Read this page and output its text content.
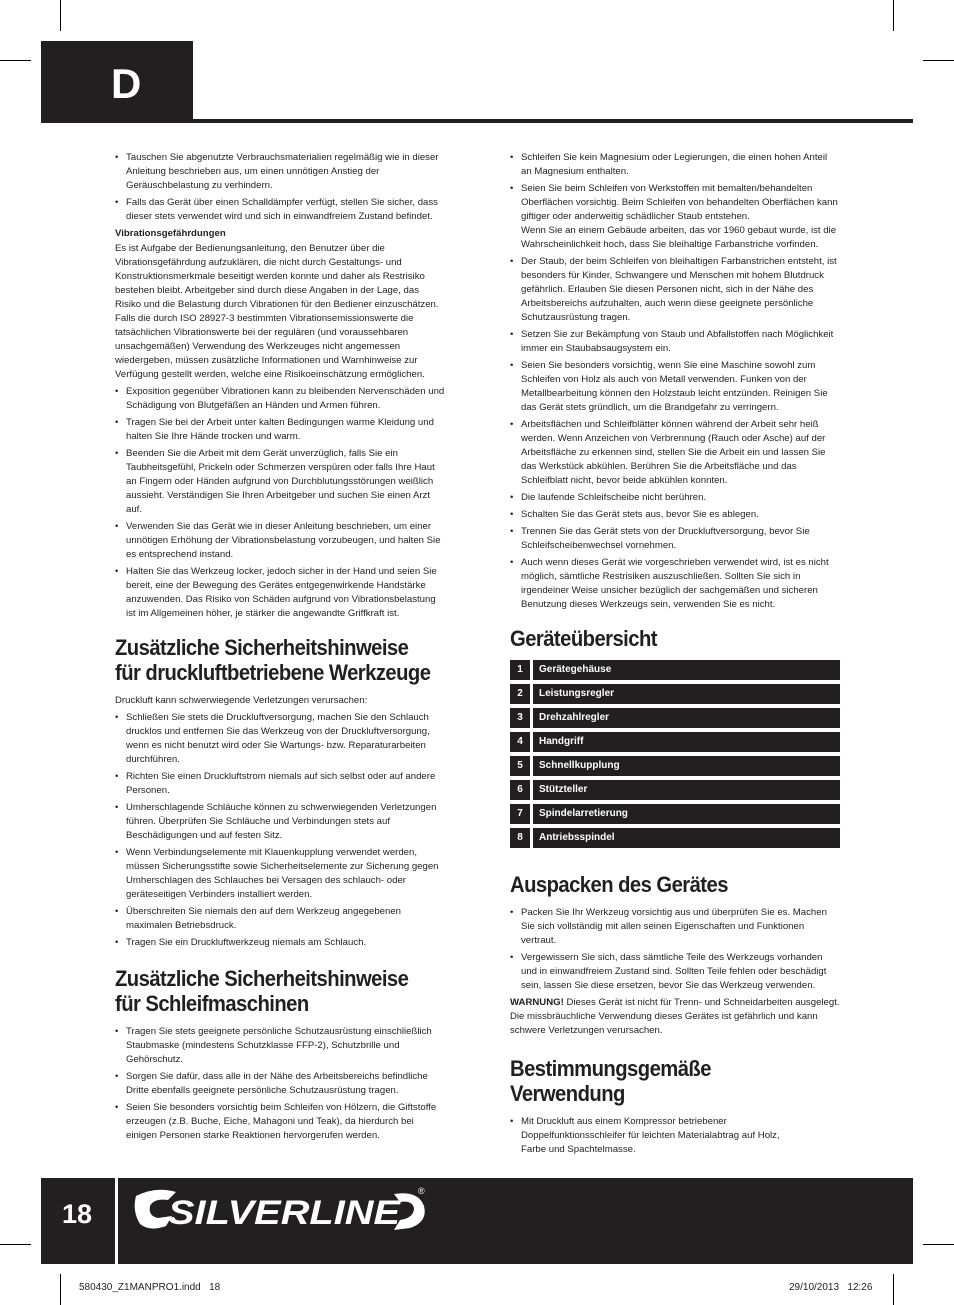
D
• Tauschen Sie abgenutzte Verbrauchsmaterialien regelmäßig wie in dieser Anleitung beschrieben aus, um einen unnötigen Anstieg der Geräuschbelastung zu verhindern.
• Falls das Gerät über einen Schalldämpfer verfügt, stellen Sie sicher, dass dieser stets verwendet wird und sich in einwandfreiem Zustand befindet.
Vibrationsgefährdungen

Es ist Aufgabe der Bedienungsanleitung, den Benutzer über die Vibrationsgefährdung aufzuklären, die nicht durch Gestaltungs- und Konstruktionsmerkmale beseitigt werden konnte und daher als Restrisiko bestehen bleibt. Arbeitgeber sind durch diese Angaben in der Lage, das Risiko und die Belastung durch Vibrationen für den Bediener einzuschätzen. Falls die durch ISO 28927-3 bestimmten Vibrationsemissionswerte die tatsächlichen Vibrationswerte bei der regulären (und voraussehbaren unsachgemäßen) Verwendung des Werkzeuges nicht angemessen wiedergeben, müssen zusätzliche Informationen und Warnhinweise zur Verfügung gestellt werden, welche eine Risikoeinschätzung ermöglichen.

• Exposition gegenüber Vibrationen kann zu bleibenden Nervenschäden und Schädigung von Blutgefäßen an Händen und Armen führen.
• Tragen Sie bei der Arbeit unter kalten Bedingungen warme Kleidung und halten Sie Ihre Hände trocken und warm.
• Beenden Sie die Arbeit mit dem Gerät unverzüglich, falls Sie ein Taubheitsgefühl, Prickeln oder Schmerzen verspüren oder falls Ihre Haut an Fingern oder Händen aufgrund von Durchblutungsstörungen weißlich aussieht. Verständigen Sie Ihren Arbeitgeber und suchen Sie einen Arzt auf.
• Verwenden Sie das Gerät wie in dieser Anleitung beschrieben, um einer unnötigen Erhöhung der Vibrationsbelastung vorzubeugen, und halten Sie es entsprechend instand.
• Halten Sie das Werkzeug locker, jedoch sicher in der Hand und seien Sie bereit, eine der Bewegung des Gerätes entgegenwirkende Handstärke anzuwenden. Das Risiko von Schäden aufgrund von Vibrationsbelastung ist im Allgemeinen höher, je stärker die angewandte Griffkraft ist.
Zusätzliche Sicherheitshinweise
für druckluftbetriebene Werkzeuge

Druckluft kann schwerwiegende Verletzungen verursachen:

• Schließen Sie stets die Druckluftversorgung, machen Sie den Schlauch drucklos und entfernen Sie das Werkzeug von der Druckluftversorgung, wenn es nicht benutzt wird oder Sie Wartungs- bzw. Reparaturarbeiten durchführen.
• Richten Sie einen Druckluftstrom niemals auf sich selbst oder auf andere Personen.
• Umherschlagende Schläuche können zu schwerwiegenden Verletzungen führen. Überprüfen Sie Schläuche und Verbindungen stets auf Beschädigungen und auf festen Sitz.
• Wenn Verbindungselemente mit Klauenkupplung verwendet werden, müssen Sicherungsstifte sowie Sicherheitselemente zur Sicherung gegen Umherschlagen des Schlauches bei Versagen des schlauch- oder geräteseitigen Verbinders installiert werden.
• Überschreiten Sie niemals den auf dem Werkzeug angegebenen maximalen Betriebsdruck.
• Tragen Sie ein Druckluftwerkzeug niemals am Schlauch.
Zusätzliche Sicherheitshinweise
für Schleifmaschinen
• Tragen Sie stets geeignete persönliche Schutzausrüstung einschließlich Staubmaske (mindestens Schutzklasse FFP-2), Schutzbrille und Gehörschutz.
• Sorgen Sie dafür, dass alle in der Nähe des Arbeitsbereichs befindliche Dritte ebenfalls geeignete persönliche Schutzausrüstung tragen.
• Seien Sie besonders vorsichtig beim Schleifen von Hölzern, die Giftstoffe erzeugen (z.B. Buche, Eiche, Mahagoni und Teak), da hierdurch bei einigen Personen starke Reaktionen hervorgerufen werden.
• Schleifen Sie kein Magnesium oder Legierungen, die einen hohen Anteil an Magnesium enthalten.
• Seien Sie beim Schleifen von Werkstoffen mit bemalten/behandelten Oberflächen vorsichtig. Beim Schleifen von behandelten Oberflächen kann giftiger oder anderweitig schädlicher Staub entstehen.
Wenn Sie an einem Gebäude arbeiten, das vor 1960 gebaut wurde, ist die Wahrscheinlichkeit hoch, dass Sie bleihaltige Farbanstriche vorfinden.
• Der Staub, der beim Schleifen von bleihaltigen Farbanstrichen entsteht, ist besonders für Kinder, Schwangere und Menschen mit hohem Blutdruck gefährlich. Erlauben Sie diesen Personen nicht, sich in der Nähe des Arbeitsbereichs aufzuhalten, auch wenn diese geeignete persönliche Schutzausrüstung tragen.
• Setzen Sie zur Bekämpfung von Staub und Abfallstoffen nach Möglichkeit immer ein Staubabsaugsystem ein.
• Seien Sie besonders vorsichtig, wenn Sie eine Maschine sowohl zum Schleifen von Holz als auch von Metall verwenden. Funken von der Metallbearbeitung können den Holzstaub leicht entzünden. Reinigen Sie das Gerät stets gründlich, um die Brandgefahr zu verringern.
• Arbeitsflächen und Schleifblätter können während der Arbeit sehr heiß werden. Wenn Anzeichen von Verbrennung (Rauch oder Asche) auf der Arbeitsfläche zu erkennen sind, stellen Sie die Arbeit ein und lassen Sie das Werkstück abkühlen. Berühren Sie die Arbeitsfläche und das Schleifblatt nicht, bevor beide abkühlen konnten.
• Die laufende Schleifscheibe nicht berühren.
• Schalten Sie das Gerät stets aus, bevor Sie es ablegen.
• Trennen Sie das Gerät stets von der Druckluftversorgung, bevor Sie Schleifscheibenwechsel vornehmen.
• Auch wenn dieses Gerät wie vorgeschrieben verwendet wird, ist es nicht möglich, sämtliche Restrisiken auszuschließen. Sollten Sie sich in irgendeiner Weise unsicher bezüglich der sachgemäßen und sicheren Benutzung dieses Werkzeugs sein, verwenden Sie es nicht.
Geräteübersicht
1		Gerätegehäuse
2		Leistungsregler
3		Drehzahlregler
4		Handgriff
5		Schnellkupplung
6		Stützteller
7		Spindelarretierung
8		Antriebsspindel
Auspacken des Gerätes
• Packen Sie Ihr Werkzeug vorsichtig aus und überprüfen Sie es. Machen Sie sich vollständig mit allen seinen Eigenschaften und Funktionen vertraut.
• Vergewissern Sie sich, dass sämtliche Teile des Werkzeugs vorhanden und in einwandfreiem Zustand sind. Sollten Teile fehlen oder beschädigt sein, lassen Sie diese ersetzen, bevor Sie das Werkzeug verwenden.

WARNUNG! Dieses Gerät ist nicht für Trenn- und Schneidarbeiten ausgelegt. Die missbräuchliche Verwendung dieses Gerätes ist gefährlich und kann schwere Verletzungen verursachen.

Bestimmungsgemäße
Verwendung
• Mit Druckluft aus einem Kompressor betriebener Doppelfunktionsschleifer für leichten Materialabtrag auf Holz, Farbe und Spachtelmasse.
18	SILVERLINE
®
580430_Z1MANPRO1.indd   18	29/10/2013   12:26
